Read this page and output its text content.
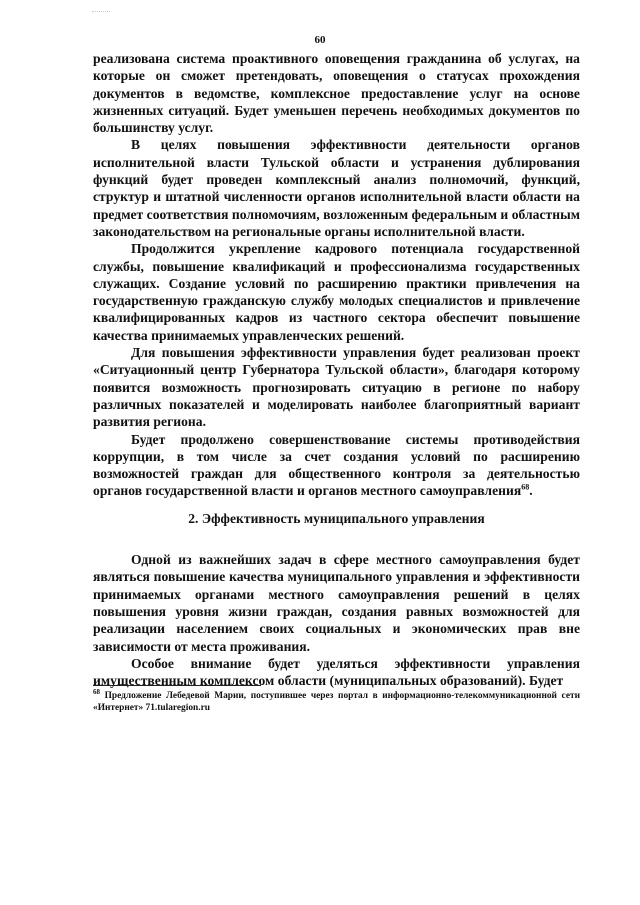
60

реализована система проактивного оповещения гражданина об услугах, на которые он сможет претендовать, оповещения о статусах прохождения документов в ведомстве, комплексное предоставление услуг на основе жизненных ситуаций. Будет уменьшен перечень необходимых документов по большинству услуг.

В целях повышения эффективности деятельности органов исполнительной власти Тульской области и устранения дублирования функций будет проведен комплексный анализ полномочий, функций, структур и штатной численности органов исполнительной власти области на предмет соответствия полномочиям, возложенным федеральным и областным законодательством на региональные органы исполнительной власти.

Продолжится укрепление кадрового потенциала государственной службы, повышение квалификаций и профессионализма государственных служащих. Создание условий по расширению практики привлечения на государственную гражданскую службу молодых специалистов и привлечение квалифицированных кадров из частного сектора обеспечит повышение качества принимаемых управленческих решений.

Для повышения эффективности управления будет реализован проект «Ситуационный центр Губернатора Тульской области», благодаря которому появится возможность прогнозировать ситуацию в регионе по набору различных показателей и моделировать наиболее благоприятный вариант развития региона.

Будет продолжено совершенствование системы противодействия коррупции, в том числе за счет создания условий по расширению возможностей граждан для общественного контроля за деятельностью органов государственной власти и органов местного самоуправления$^{68}$.

2. Эффективность муниципального управления

Одной из важнейших задач в сфере местного самоуправления будет являться повышение качества муниципального управления и эффективности принимаемых органами местного самоуправления решений в целях повышения уровня жизни граждан, создания равных возможностей для реализации населением своих социальных и экономических прав вне зависимости от места проживания.

Особое внимание будет уделяться эффективности управления имущественным комплексом области (муниципальных образований). Будет

$^{68}$ Предложение Лебедевой Марии, поступившее через портал в информационно-телекоммуникационной сети «Интернет» 71.tularegion.ru
